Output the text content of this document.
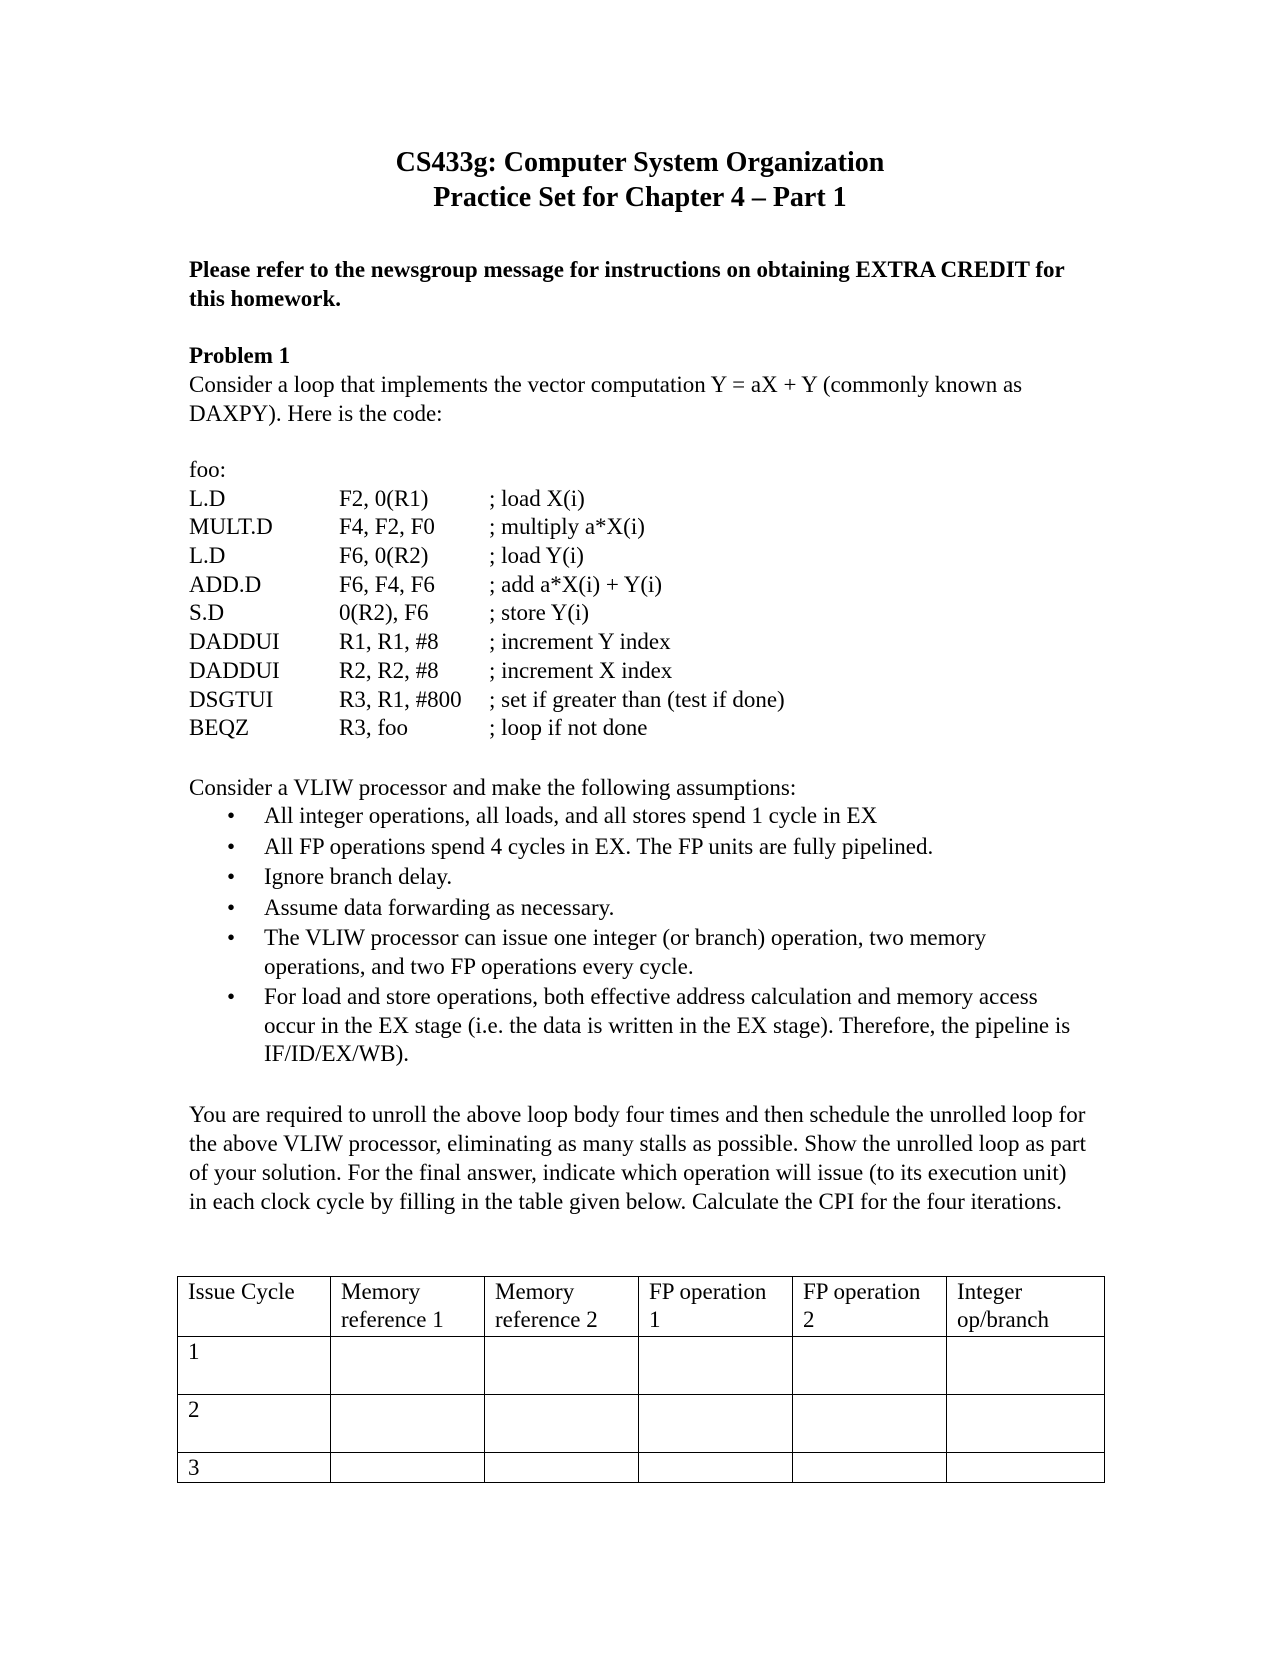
CS433g: Computer System Organization
Practice Set for Chapter 4 – Part 1
Please refer to the newsgroup message for instructions on obtaining EXTRA CREDIT for this homework.
Problem 1
Consider a loop that implements the vector computation Y = aX + Y (commonly known as DAXPY). Here is the code:
foo:
L.D	F2, 0(R1)	; load X(i)
MULT.D	F4, F2, F0 ; multiply a*X(i)
L.D	F6, 0(R2)	; load Y(i)
ADD.D	F6, F4, F6 ; add a*X(i) + Y(i)
S.D	0(R2), F6	; store Y(i)
DADDUI	R1, R1, #8 ; increment Y index
DADDUI	R2, R2, #8 ; increment X index
DSGTUI	R3, R1, #800 ; set if greater than (test if done)
BEQZ	R3, foo	; loop if not done
Consider a VLIW processor and make the following assumptions:
• All integer operations, all loads, and all stores spend 1 cycle in EX
• All FP operations spend 4 cycles in EX. The FP units are fully pipelined.
• Ignore branch delay.
• Assume data forwarding as necessary.
• The VLIW processor can issue one integer (or branch) operation, two memory operations, and two FP operations every cycle.
• For load and store operations, both effective address calculation and memory access occur in the EX stage (i.e. the data is written in the EX stage). Therefore, the pipeline is IF/ID/EX/WB).
You are required to unroll the above loop body four times and then schedule the unrolled loop for the above VLIW processor, eliminating as many stalls as possible. Show the unrolled loop as part of your solution. For the final answer, indicate which operation will issue (to its execution unit) in each clock cycle by filling in the table given below. Calculate the CPI for the four iterations.
Issue Cycle	Memory reference 1	Memory reference 2	FP operation 1	FP operation 2	Integer op/branch
1					
2					
3					
